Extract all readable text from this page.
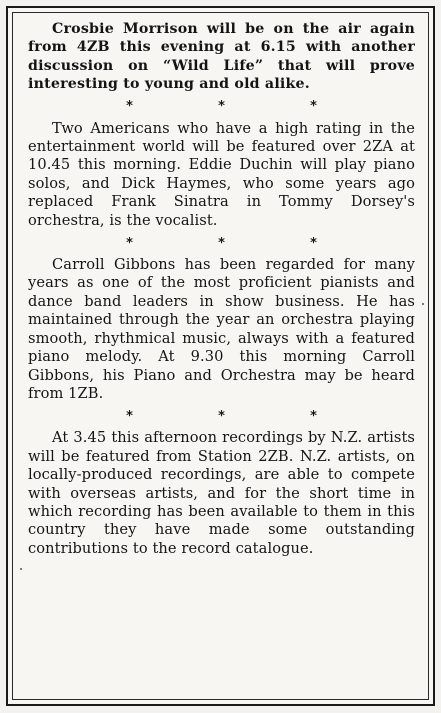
Crosbie Morrison will be on the air again from 4ZB this evening at 6.15 with another discussion on “Wild Life” that will prove interesting to young and old alike.

*	*	*

Two Americans who have a high rating in the entertainment world will be featured over 2ZA at 10.45 this morning. Eddie Duchin will play piano solos, and Dick Haymes, who some years ago replaced Frank Sinatra in Tommy Dorsey's orchestra, is the vocalist.

*	*	*

Carroll Gibbons has been regarded for many years as one of the most proficient pianists and dance band leaders in show business. He has maintained through the year an orchestra playing smooth, rhythmical music, always with a featured piano melody. At 9.30 this morning Carroll Gibbons, his Piano and Orchestra may be heard from 1ZB.

*	*	*

At 3.45 this afternoon recordings by N.Z. artists will be featured from Station 2ZB. N.Z. artists, on locally-produced recordings, are able to compete with overseas artists, and for the short time in which recording has been available to them in this country they have made some outstanding contributions to the record catalogue.
